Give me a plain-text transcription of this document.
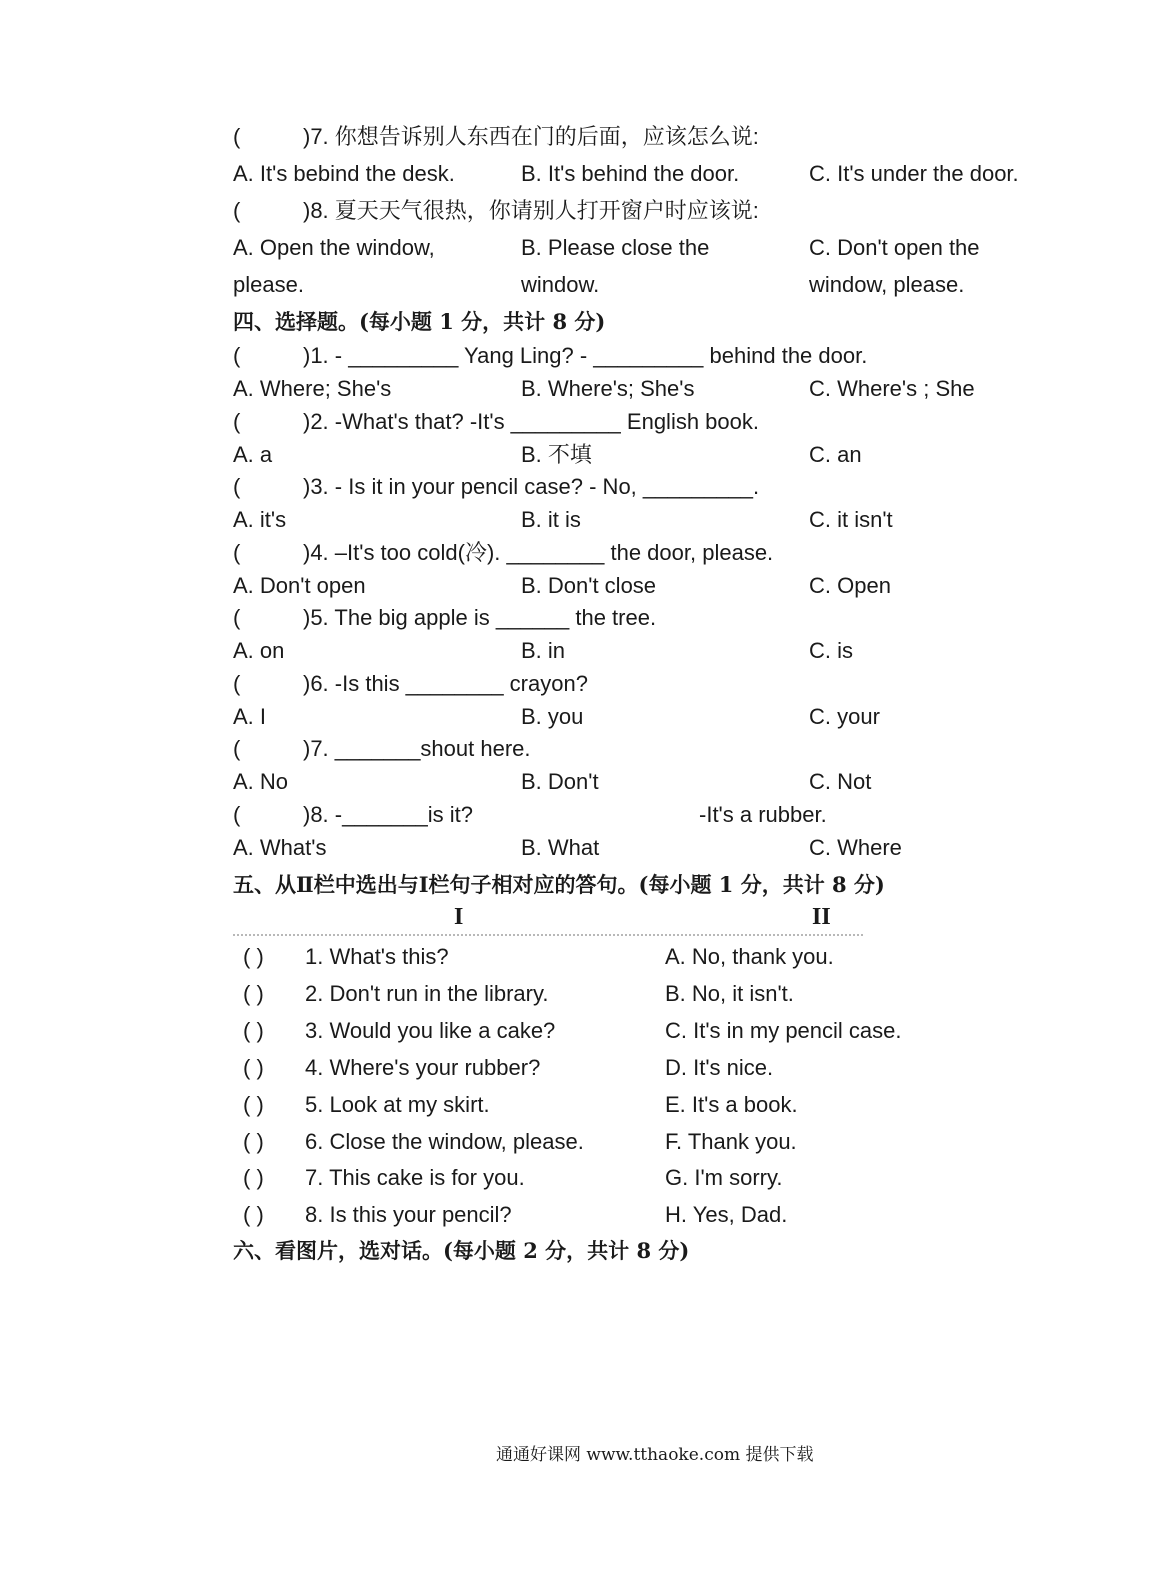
(	)7. 你想告诉别人东西在门的后面，应该怎么说:
A. It's bebind the desk.	B. It's behind the door.	C. It's under the door.
(	)8. 夏天天气很热，你请别人打开窗户时应该说:
A. Open the window,	B. Please close the	C. Don't open the
please.	window.	window, please.
四、选择题。(每小题 1 分，共计 8 分)
(	)1. - _________ Yang Ling? - _________ behind the door.
A. Where; She's	B. Where's; She's	C. Where's ; She
(	)2. -What's that? -It's _________ English book.
A. a	B. 不填	C. an
(	)3. - Is it in your pencil case? - No, _________.
A. it's	B. it is	C. it isn't
(	)4. –It's too cold(冷). ________ the door, please.
A. Don't open	B. Don't close	C. Open
(	)5. The big apple is ______ the tree.
A. on	B. in	C. is
(	)6. -Is this ________ crayon?
A. I	B. you	C. your
(	)7. _______shout here.
A. No	B. Don't	C. Not
(	)8. -_______is it?	-It's a rubber.
A. What's	B. What	C. Where
五、从Ⅱ栏中选出与Ⅰ栏句子相对应的答句。(每小题 1 分，共计 8 分)
I	II
( ) 1. What's this?	A. No, thank you.
( ) 2. Don't run in the library.	B. No, it isn't.
( ) 3. Would you like a cake?	C. It's in my pencil case.
( ) 4. Where's your rubber?	D. It's nice.
( ) 5. Look at my skirt.	E. It's a book.
( ) 6. Close the window, please.	F. Thank you.
( ) 7. This cake is for you.	G. I'm sorry.
( ) 8. Is this your pencil?	H. Yes, Dad.
六、看图片，选对话。(每小题 2 分，共计 8 分)
通通好课网 www.tthaoke.com 提供下载
